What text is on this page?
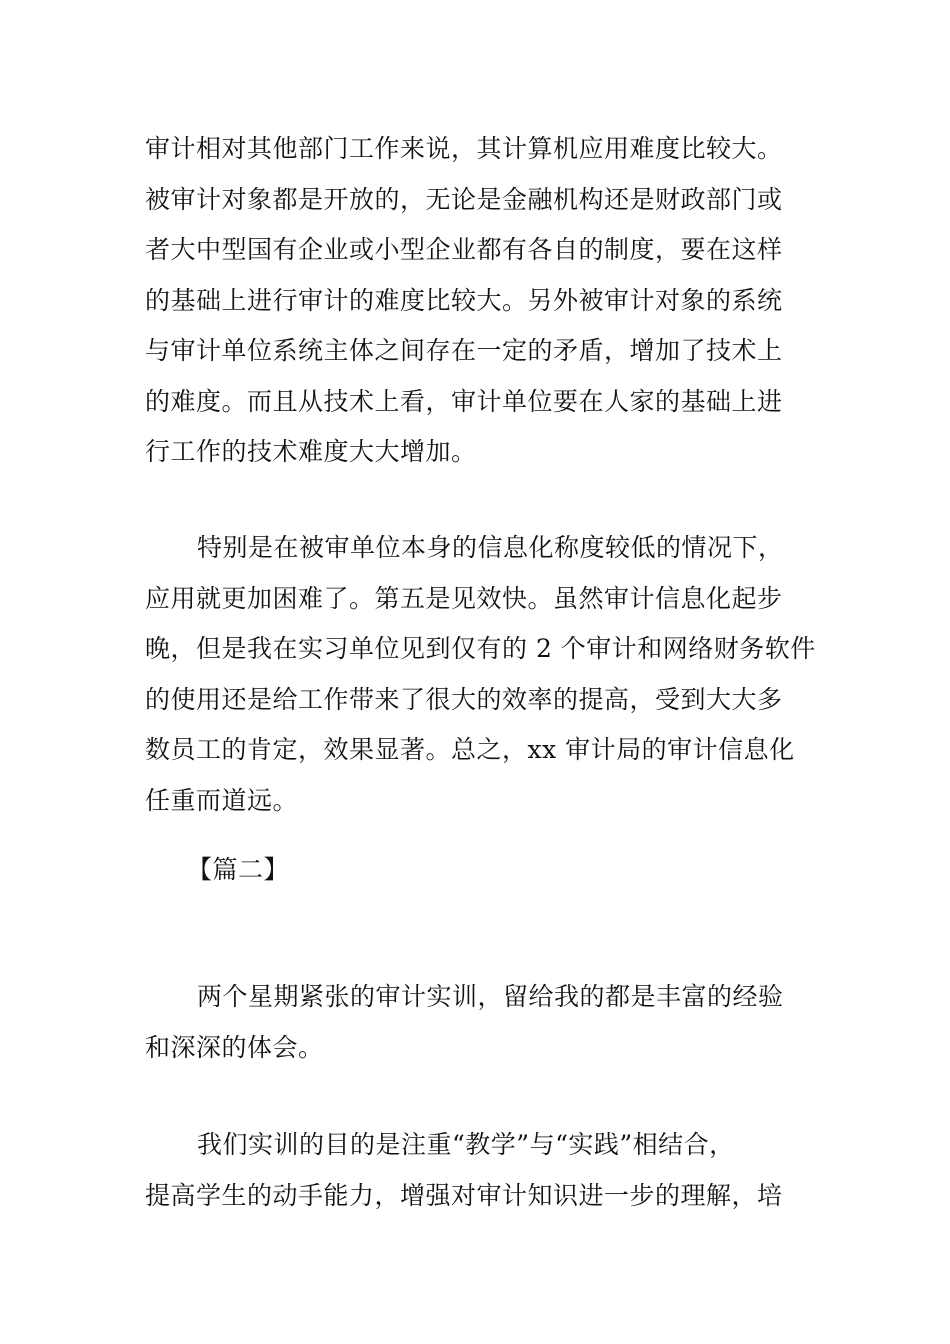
审计相对其他部门工作来说，其计算机应用难度比较大。
被审计对象都是开放的，无论是金融机构还是财政部门或
者大中型国有企业或小型企业都有各自的制度，要在这样
的基础上进行审计的难度比较大。另外被审计对象的系统
与审计单位系统主体之间存在一定的矛盾，增加了技术上
的难度。而且从技术上看，审计单位要在人家的基础上进
行工作的技术难度大大增加。
特别是在被审单位本身的信息化称度较低的情况下，
应用就更加困难了。第五是见效快。虽然审计信息化起步
晚，但是我在实习单位见到仅有的 2 个审计和网络财务软件
的使用还是给工作带来了很大的效率的提高，受到大大多
数员工的肯定，效果显著。总之，xx 审计局的审计信息化
任重而道远。
【篇二】
两个星期紧张的审计实训，留给我的都是丰富的经验
和深深的体会。
我们实训的目的是注重“教学”与“实践”相结合，
提高学生的动手能力，增强对审计知识进一步的理解，培
